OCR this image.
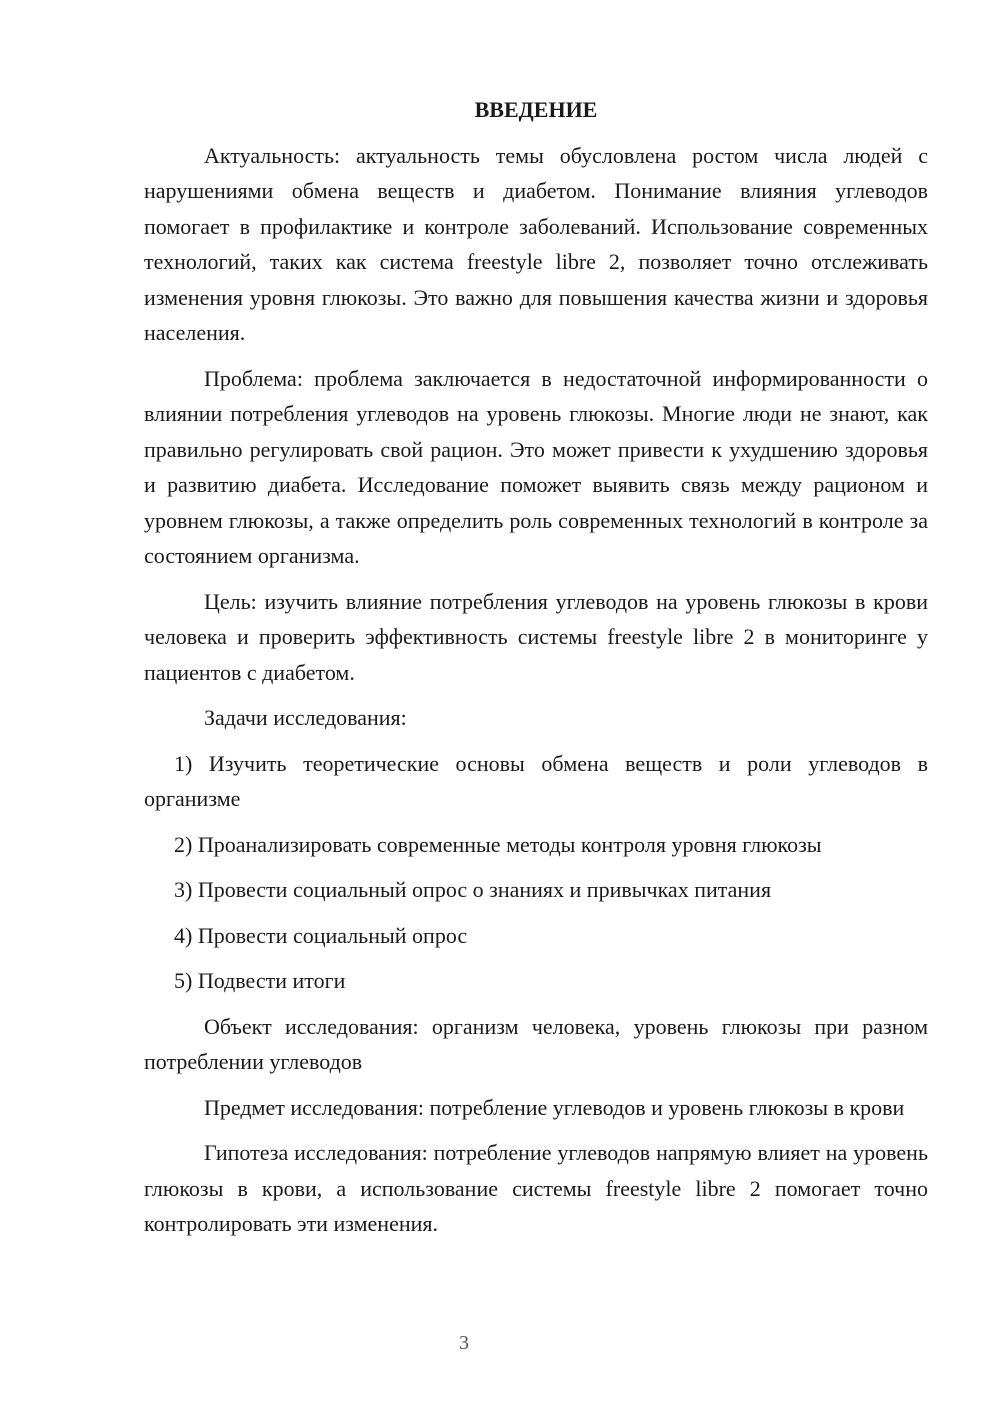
ВВЕДЕНИЕ

Актуальность: актуальность темы обусловлена ростом числа людей с нарушениями обмена веществ и диабетом. Понимание влияния углеводов помогает в профилактике и контроле заболеваний. Использование современных технологий, таких как система freestyle libre 2, позволяет точно отслеживать изменения уровня глюкозы. Это важно для повышения качества жизни и здоровья населения.

Проблема: проблема заключается в недостаточной информированности о влиянии потребления углеводов на уровень глюкозы. Многие люди не знают, как правильно регулировать свой рацион. Это может привести к ухудшению здоровья и развитию диабета. Исследование поможет выявить связь между рационом и уровнем глюкозы, а также определить роль современных технологий в контроле за состоянием организма.

Цель: изучить влияние потребления углеводов на уровень глюкозы в крови человека и проверить эффективность системы freestyle libre 2 в мониторинге у пациентов с диабетом.

Задачи исследования:

1) Изучить теоретические основы обмена веществ и роли углеводов в организме

2) Проанализировать современные методы контроля уровня глюкозы

3) Провести социальный опрос о знаниях и привычках питания

4) Провести социальный опрос

5) Подвести итоги

Объект исследования: организм человека, уровень глюкозы при разном потреблении углеводов

Предмет исследования: потребление углеводов и уровень глюкозы в крови

Гипотеза исследования: потребление углеводов напрямую влияет на уровень глюкозы в крови, а использование системы freestyle libre 2 помогает точно контролировать эти изменения.

3
